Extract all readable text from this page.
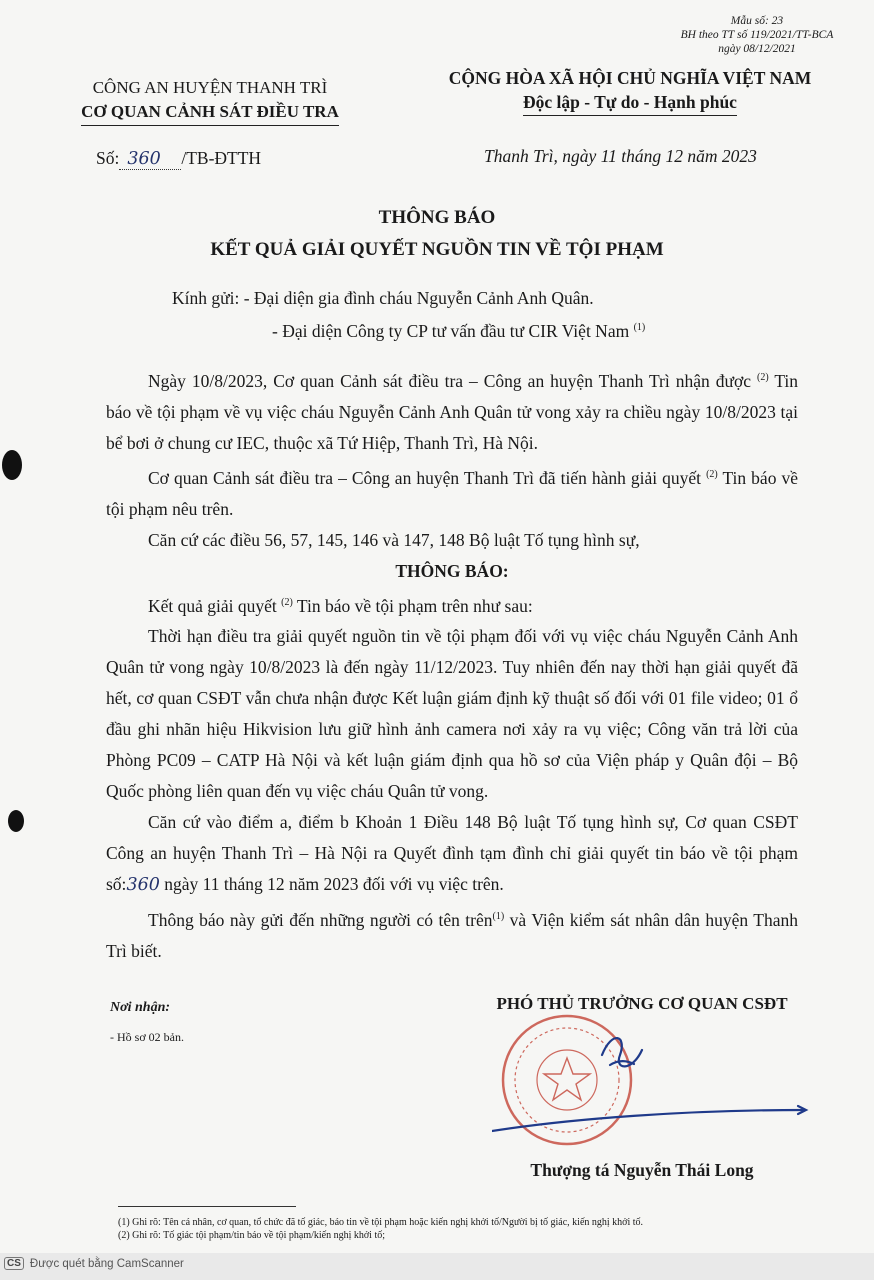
Mẫu số: 23
BH theo TT số 119/2021/TT-BCA
ngày 08/12/2021
CÔNG AN HUYỆN THANH TRÌ
CƠ QUAN CẢNH SÁT ĐIỀU TRA
CỘNG HÒA XÃ HỘI CHỦ NGHĨA VIỆT NAM
Độc lập - Tự do - Hạnh phúc
Số: 360 /TB-ĐTTH	Thanh Trì, ngày 11 tháng 12 năm 2023
THÔNG BÁO
KẾT QUẢ GIẢI QUYẾT NGUỒN TIN VỀ TỘI PHẠM
Kính gửi: - Đại diện gia đình cháu Nguyễn Cảnh Anh Quân.
- Đại diện Công ty CP tư vấn đầu tư CIR Việt Nam $^{(1)}$

Ngày 10/8/2023, Cơ quan Cảnh sát điều tra – Công an huyện Thanh Trì nhận được $^{(2)}$ Tin báo về tội phạm về vụ việc cháu Nguyễn Cảnh Anh Quân tử vong xảy ra chiều ngày 10/8/2023 tại bể bơi ở chung cư IEC, thuộc xã Tứ Hiệp, Thanh Trì, Hà Nội.

Cơ quan Cảnh sát điều tra – Công an huyện Thanh Trì đã tiến hành giải quyết $^{(2)}$ Tin báo về tội phạm nêu trên.

Căn cứ các điều 56, 57, 145, 146 và 147, 148 Bộ luật Tố tụng hình sự,

THÔNG BÁO:

Kết quả giải quyết $^{(2)}$ Tin báo về tội phạm trên như sau:

Thời hạn điều tra giải quyết nguồn tin về tội phạm đối với vụ việc cháu Nguyễn Cảnh Anh Quân tử vong ngày 10/8/2023 là đến ngày 11/12/2023. Tuy nhiên đến nay thời hạn giải quyết đã hết, cơ quan CSĐT vẫn chưa nhận được Kết luận giám định kỹ thuật số đối với 01 file video; 01 ổ đầu ghi nhãn hiệu Hikvision lưu giữ hình ảnh camera nơi xảy ra vụ việc; Công văn trả lời của Phòng PC09 – CATP Hà Nội và kết luận giám định qua hồ sơ của Viện pháp y Quân đội – Bộ Quốc phòng liên quan đến vụ việc cháu Quân tử vong.

Căn cứ vào điểm a, điểm b Khoản 1 Điều 148 Bộ luật Tố tụng hình sự, Cơ quan CSĐT Công an huyện Thanh Trì – Hà Nội ra Quyết đình tạm đình chỉ giải quyết tin báo về tội phạm số:360 ngày 11 tháng 12 năm 2023 đối với vụ việc trên.

Thông báo này gửi đến những người có tên trên$^{(1)}$ và Viện kiểm sát nhân dân huyện Thanh Trì biết.

Nơi nhận:
- Hồ sơ 02 bản.
PHÓ THỦ TRƯỞNG CƠ QUAN CSĐT
Thượng tá Nguyễn Thái Long
(1) Ghi rõ: Tên cá nhân, cơ quan, tổ chức đã tố giác, báo tin về tội phạm hoặc kiến nghị khởi tố/Người bị tố giác, kiến nghị khởi tố.
(2) Ghi rõ: Tố giác tội phạm/tin báo về tội phạm/kiến nghị khởi tố;
CS Được quét bằng CamScanner
